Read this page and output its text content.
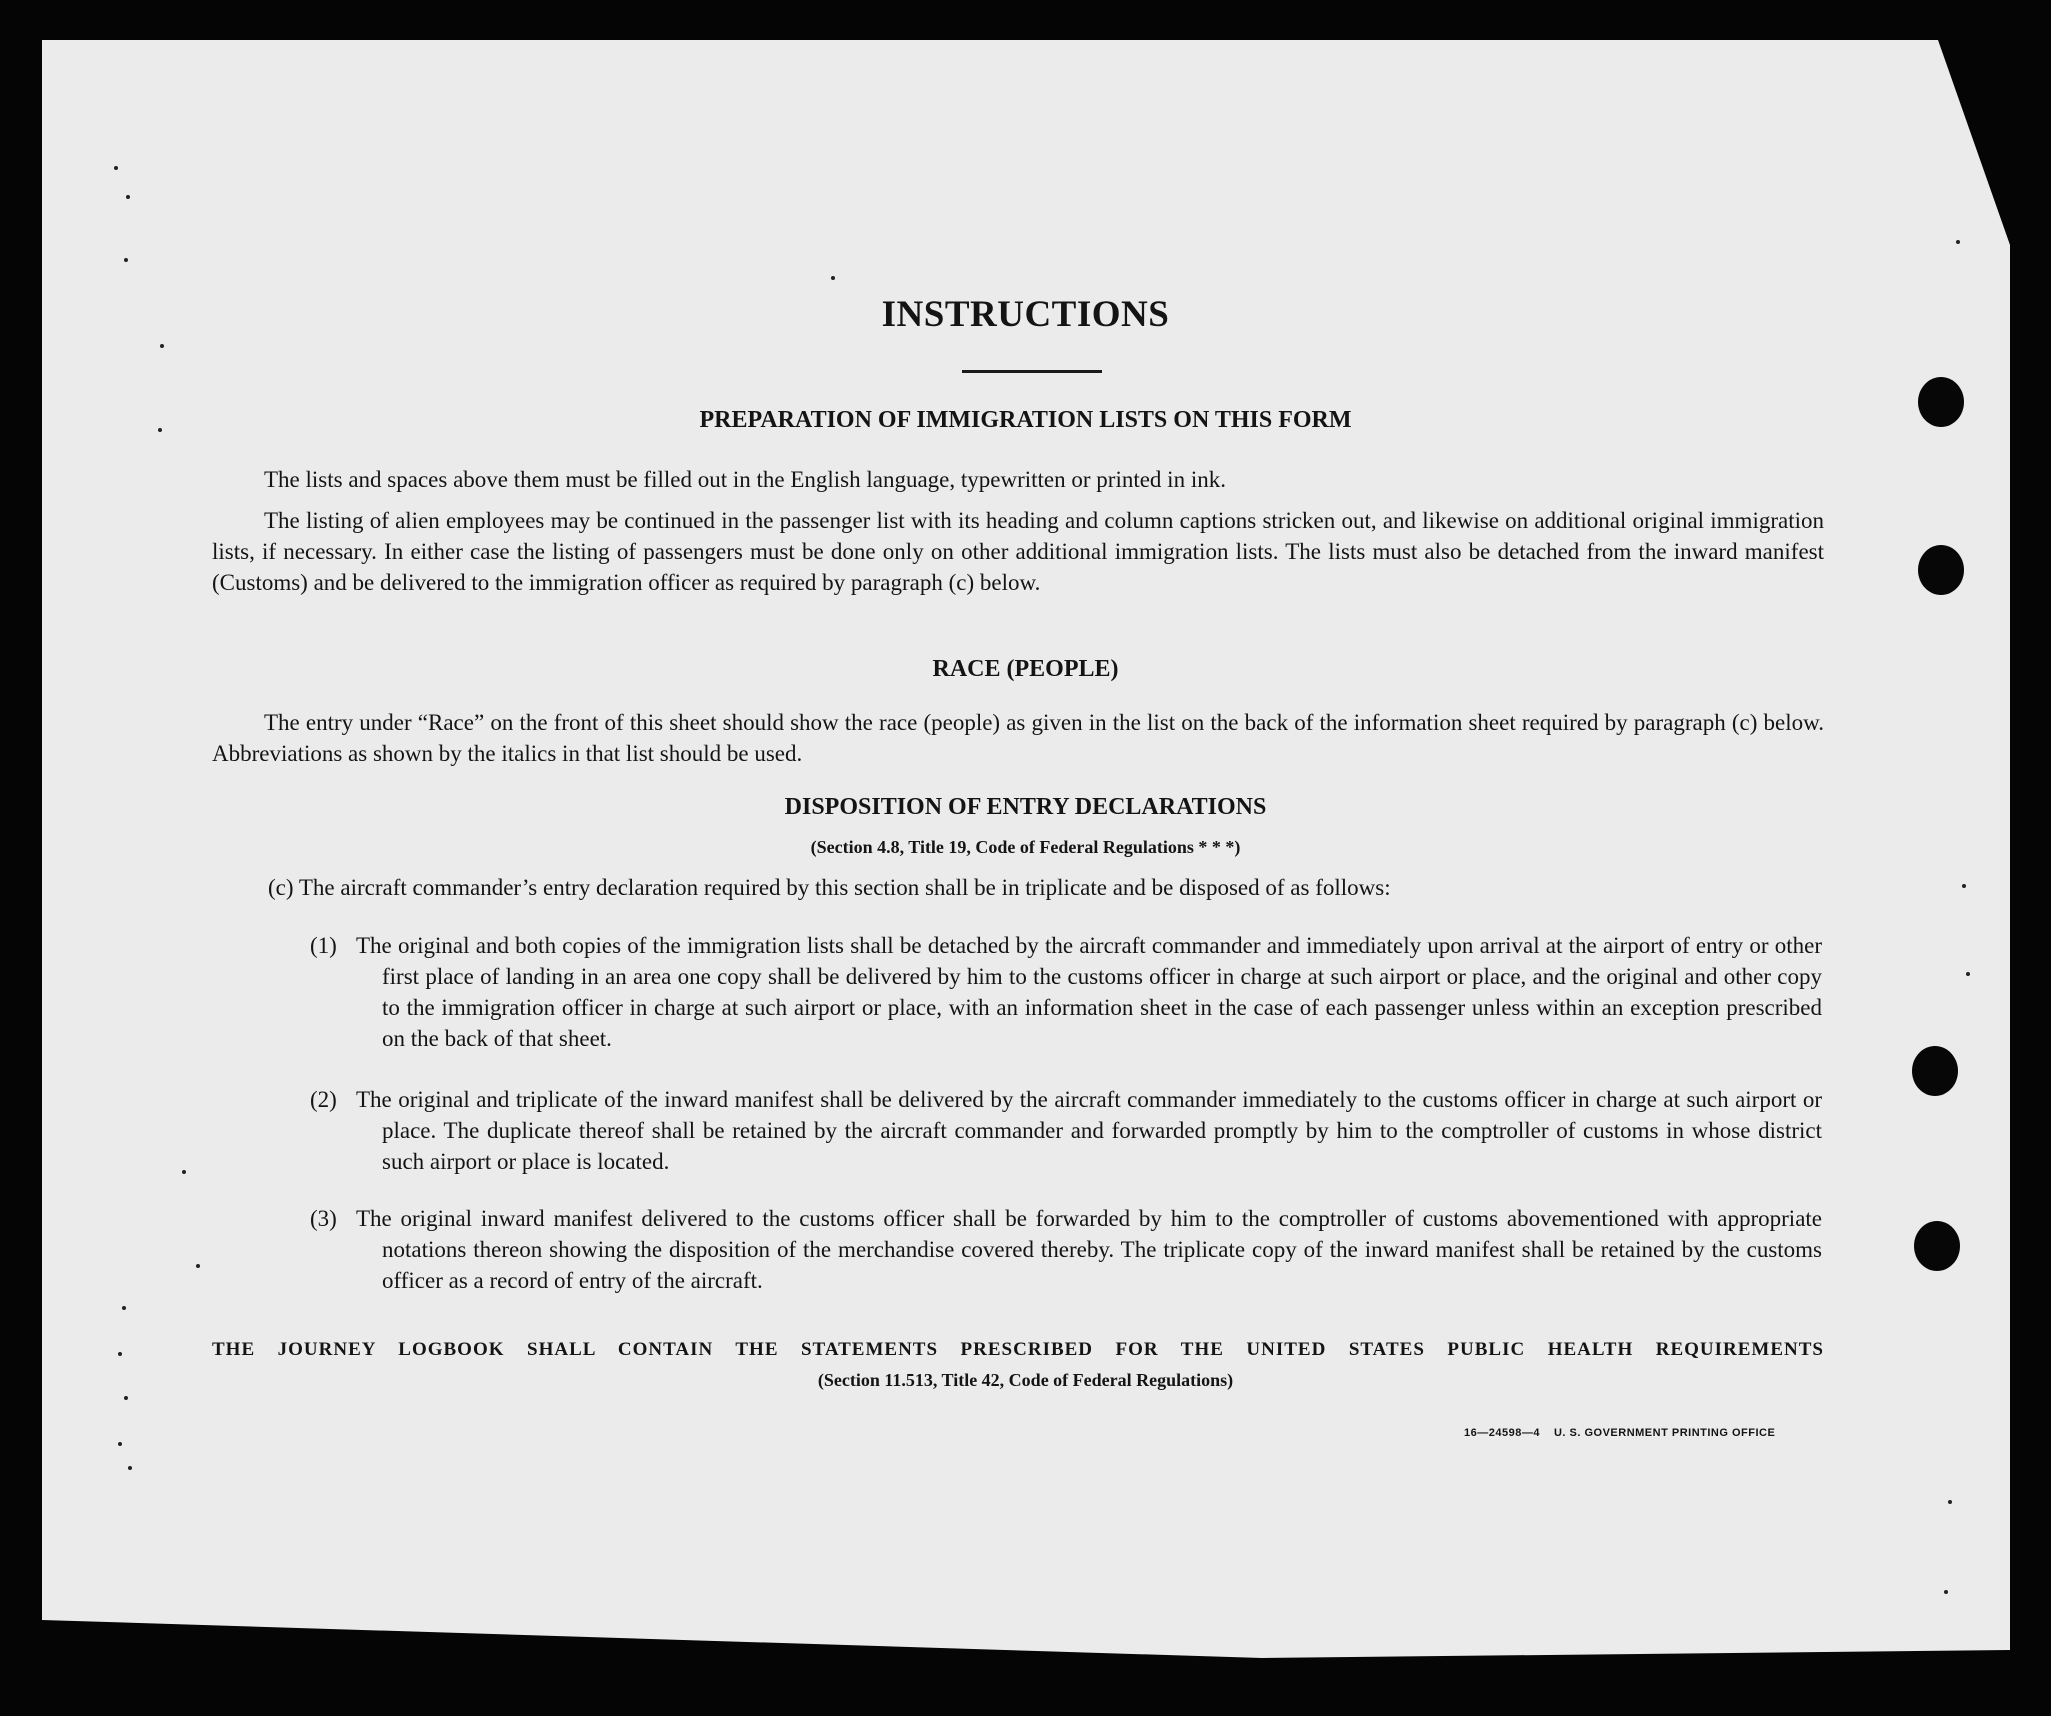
INSTRUCTIONS
PREPARATION OF IMMIGRATION LISTS ON THIS FORM

The lists and spaces above them must be filled out in the English language, typewritten or printed in ink.

The listing of alien employees may be continued in the passenger list with its heading and column captions stricken out, and likewise on additional original immigration lists, if necessary. In either case the listing of passengers must be done only on other additional immigration lists. The lists must also be detached from the inward manifest (Customs) and be delivered to the immigration officer as required by paragraph (c) below.

RACE (PEOPLE)

The entry under “Race” on the front of this sheet should show the race (people) as given in the list on the back of the information sheet required by paragraph (c) below. Abbreviations as shown by the italics in that list should be used.

DISPOSITION OF ENTRY DECLARATIONS

(Section 4.8, Title 19, Code of Federal Regulations * * *)

(c) The aircraft commander’s entry declaration required by this section shall be in triplicate and be disposed of as follows:

(1) The original and both copies of the immigration lists shall be detached by the aircraft commander and immediately upon arrival at the airport of entry or other first place of landing in an area one copy shall be delivered by him to the customs officer in charge at such airport or place, and the original and other copy to the immigration officer in charge at such airport or place, with an information sheet in the case of each passenger unless within an exception prescribed on the back of that sheet.

(2) The original and triplicate of the inward manifest shall be delivered by the aircraft commander immediately to the customs officer in charge at such airport or place. The duplicate thereof shall be retained by the aircraft commander and forwarded promptly by him to the comptroller of customs in whose district such airport or place is located.

(3) The original inward manifest delivered to the customs officer shall be forwarded by him to the comptroller of customs abovementioned with appropriate notations thereon showing the disposition of the merchandise covered thereby. The triplicate copy of the inward manifest shall be retained by the customs officer as a record of entry of the aircraft.

THE JOURNEY LOGBOOK SHALL CONTAIN THE STATEMENTS PRESCRIBED FOR THE UNITED STATES PUBLIC HEALTH REQUIREMENTS

(Section 11.513, Title 42, Code of Federal Regulations)

16—24598—4 U. S. GOVERNMENT PRINTING OFFICE
